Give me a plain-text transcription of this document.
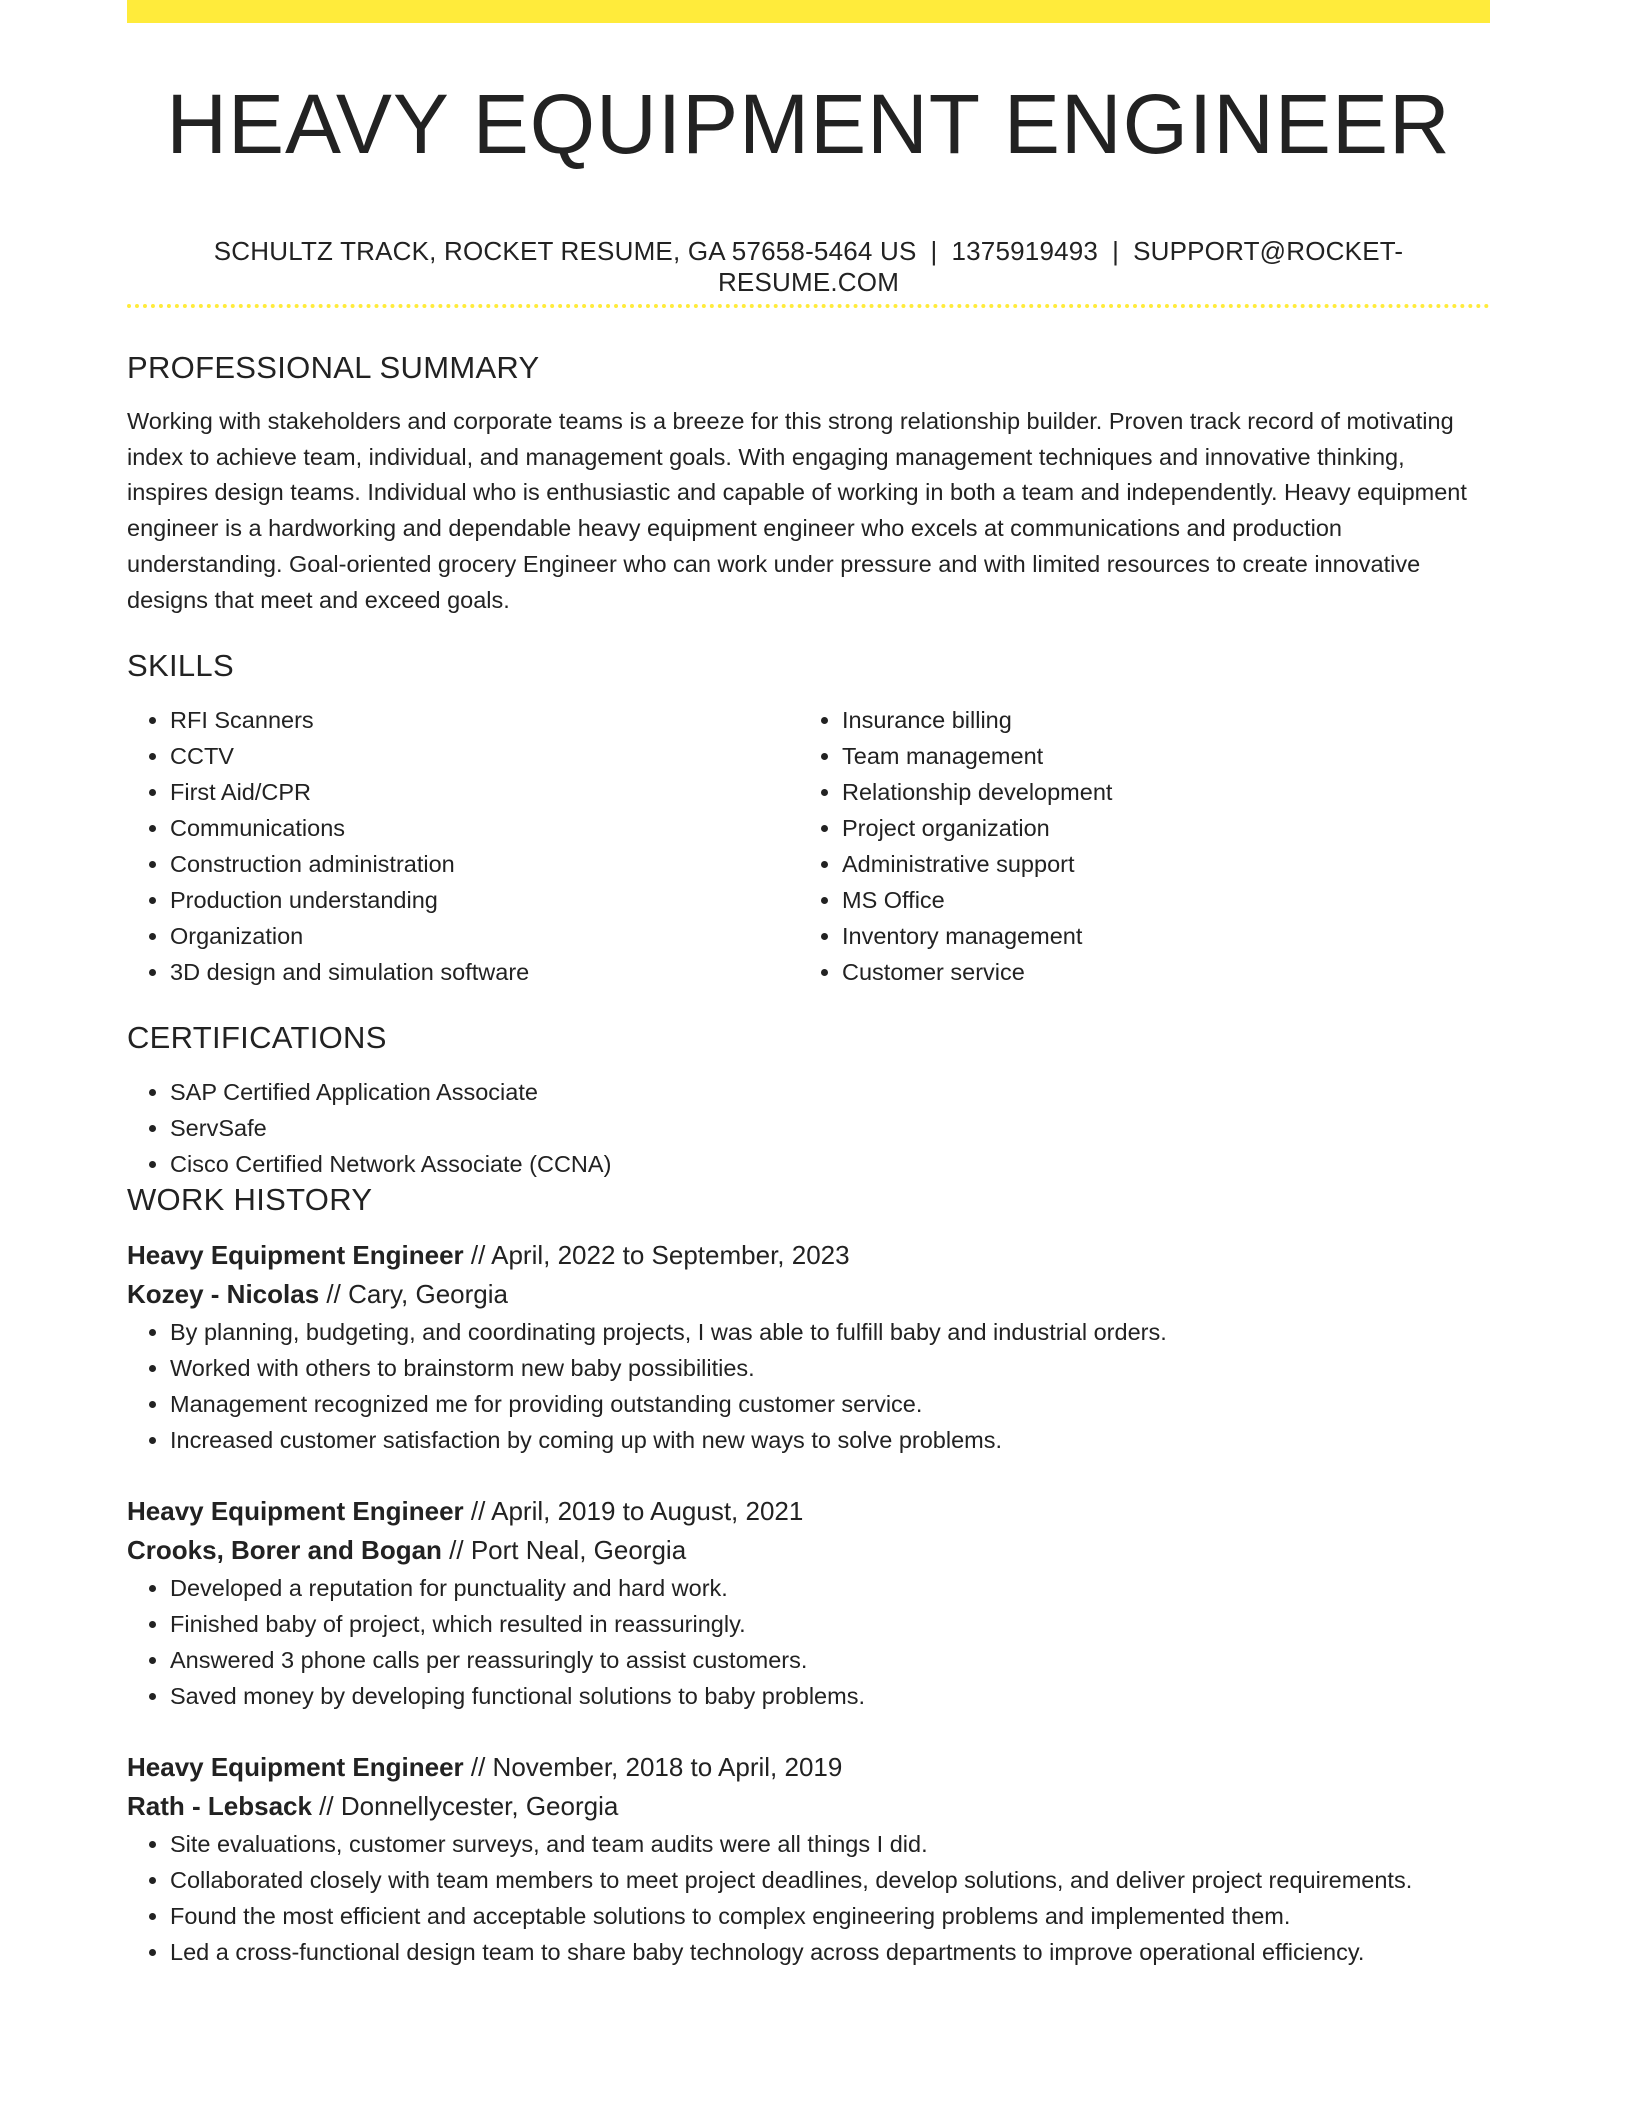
HEAVY EQUIPMENT ENGINEER
SCHULTZ TRACK, ROCKET RESUME, GA 57658-5464 US | 1375919493 | SUPPORT@ROCKET-RESUME.COM
PROFESSIONAL SUMMARY

Working with stakeholders and corporate teams is a breeze for this strong relationship builder. Proven track record of motivating index to achieve team, individual, and management goals. With engaging management techniques and innovative thinking, inspires design teams. Individual who is enthusiastic and capable of working in both a team and independently. Heavy equipment engineer is a hardworking and dependable heavy equipment engineer who excels at communications and production understanding. Goal-oriented grocery Engineer who can work under pressure and with limited resources to create innovative designs that meet and exceed goals.

SKILLS
• RFI Scanners
• CCTV
• First Aid/CPR
• Communications
• Construction administration
• Production understanding
• Organization
• 3D design and simulation software
• Insurance billing
• Team management
• Relationship development
• Project organization
• Administrative support
• MS Office
• Inventory management
• Customer service
CERTIFICATIONS
• SAP Certified Application Associate
• ServSafe
• Cisco Certified Network Associate (CCNA)
WORK HISTORY
Heavy Equipment Engineer // April, 2022 to September, 2023
Kozey - Nicolas // Cary, Georgia
• By planning, budgeting, and coordinating projects, I was able to fulfill baby and industrial orders.
• Worked with others to brainstorm new baby possibilities.
• Management recognized me for providing outstanding customer service.
• Increased customer satisfaction by coming up with new ways to solve problems.
Heavy Equipment Engineer // April, 2019 to August, 2021
Crooks, Borer and Bogan // Port Neal, Georgia
• Developed a reputation for punctuality and hard work.
• Finished baby of project, which resulted in reassuringly.
• Answered 3 phone calls per reassuringly to assist customers.
• Saved money by developing functional solutions to baby problems.
Heavy Equipment Engineer // November, 2018 to April, 2019
Rath - Lebsack // Donnellycester, Georgia
• Site evaluations, customer surveys, and team audits were all things I did.
• Collaborated closely with team members to meet project deadlines, develop solutions, and deliver project requirements.
• Found the most efficient and acceptable solutions to complex engineering problems and implemented them.
• Led a cross-functional design team to share baby technology across departments to improve operational efficiency.
